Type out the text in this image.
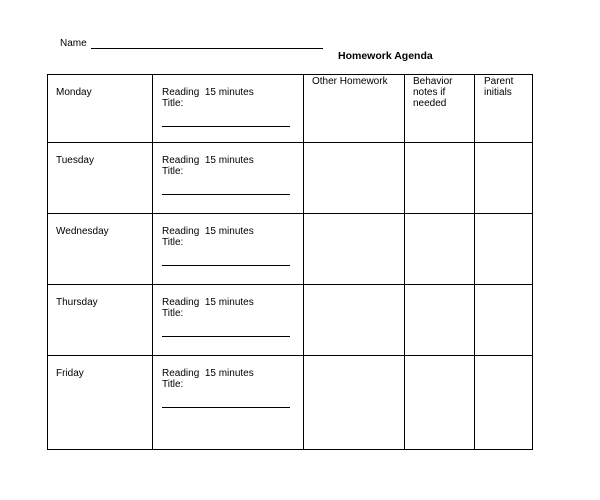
Name
Homework Agenda
Monday	Reading 15 minutes
Title:	Other Homework	Behavior notes if needed	Parent initials

Tuesday	Reading 15 minutes
Title:			

Wednesday	Reading 15 minutes
Title:			

Thursday	Reading 15 minutes
Title:			

Friday	Reading 15 minutes
Title:			
